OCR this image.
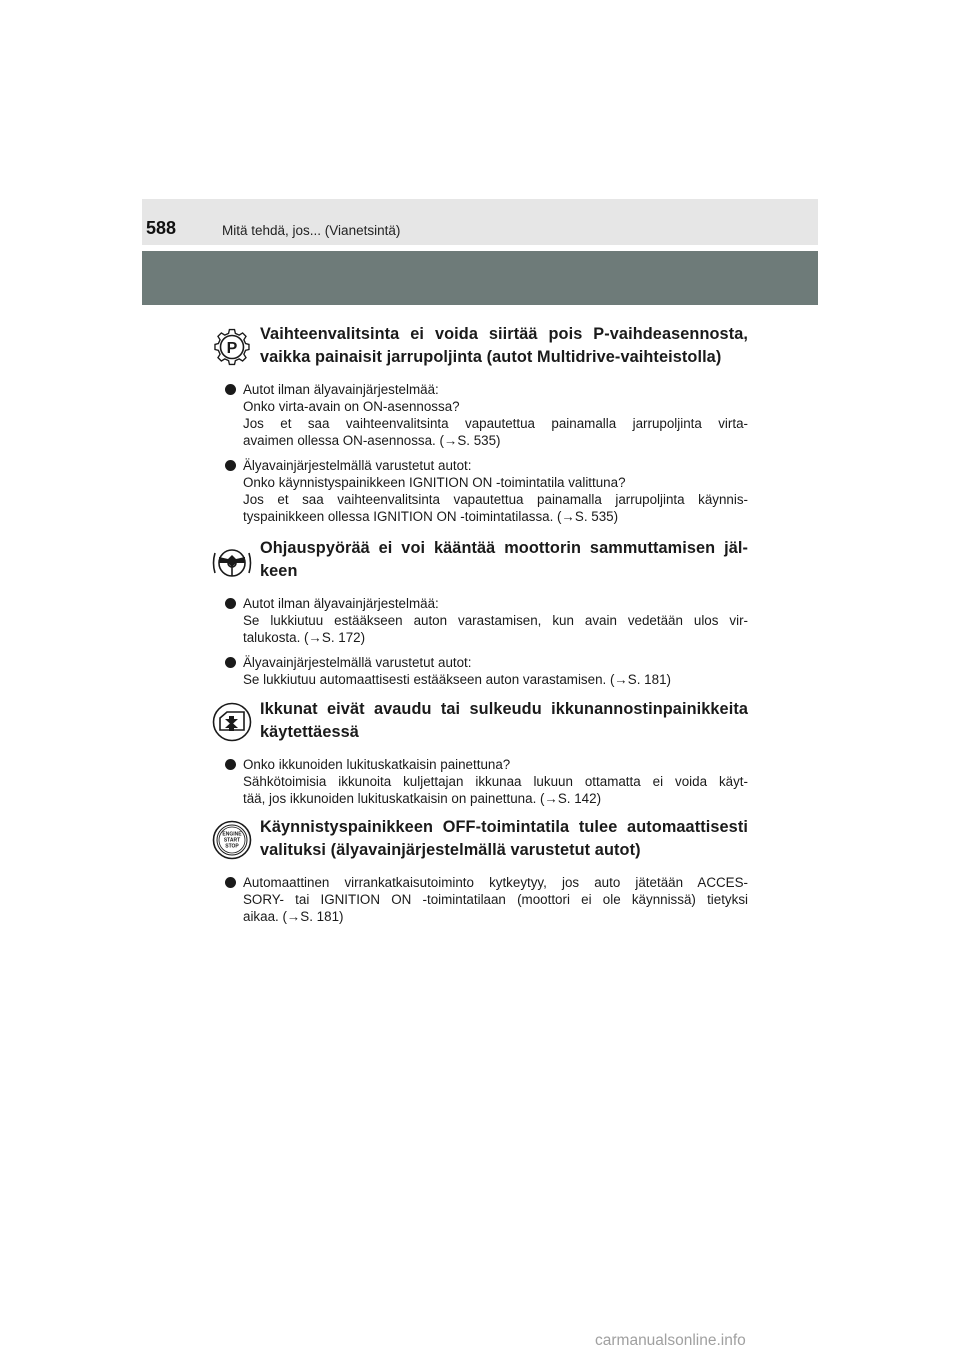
588	Mitä tehdä, jos... (Vianetsintä)
P
Vaihteenvalitsinta ei voida siirtää pois P-vaihdeasennosta, vaikka painaisit jarrupoljinta (autot Multidrive-vaihteistolla)
Autot ilman älyavainjärjestelmää:
Onko virta-avain on ON-asennossa?
Jos et saa vaihteenvalitsinta vapautettua painamalla jarrupoljinta virta-
avaimen ollessa ON-asennossa. (→S. 535)
Älyavainjärjestelmällä varustetut autot:
Onko käynnistyspainikkeen IGNITION ON -toimintatila valittuna?
Jos et saa vaihteenvalitsinta vapautettua painamalla jarrupoljinta käynnis-
tyspainikkeen ollessa IGNITION ON -toimintatilassa. (→S. 535)
Ohjauspyörää ei voi kääntää moottorin sammuttamisen jäl-keen
Autot ilman älyavainjärjestelmää:
Se lukkiutuu estääkseen auton varastamisen, kun avain vedetään ulos vir-
talukosta. (→S. 172)
Älyavainjärjestelmällä varustetut autot:
Se lukkiutuu automaattisesti estääkseen auton varastamisen. (→S. 181)
Ikkunat eivät avaudu tai sulkeudu ikkunannostinpainikkeita käytettäessä
Onko ikkunoiden lukituskatkaisin painettuna?
Sähkötoimisia ikkunoita kuljettajan ikkunaa lukuun ottamatta ei voida käyt-
tää, jos ikkunoiden lukituskatkaisin on painettuna. (→S. 142)
ENGINE
START
STOP
Käynnistyspainikkeen OFF-toimintatila tulee automaattisesti valituksi (älyavainjärjestelmällä varustetut autot)
Automaattinen virrankatkaisutoiminto kytkeytyy, jos auto jätetään ACCES-
SORY- tai IGNITION ON -toimintatilaan (moottori ei ole käynnissä) tietyksi
aikaa. (→S. 181)
carmanualsonline.info
